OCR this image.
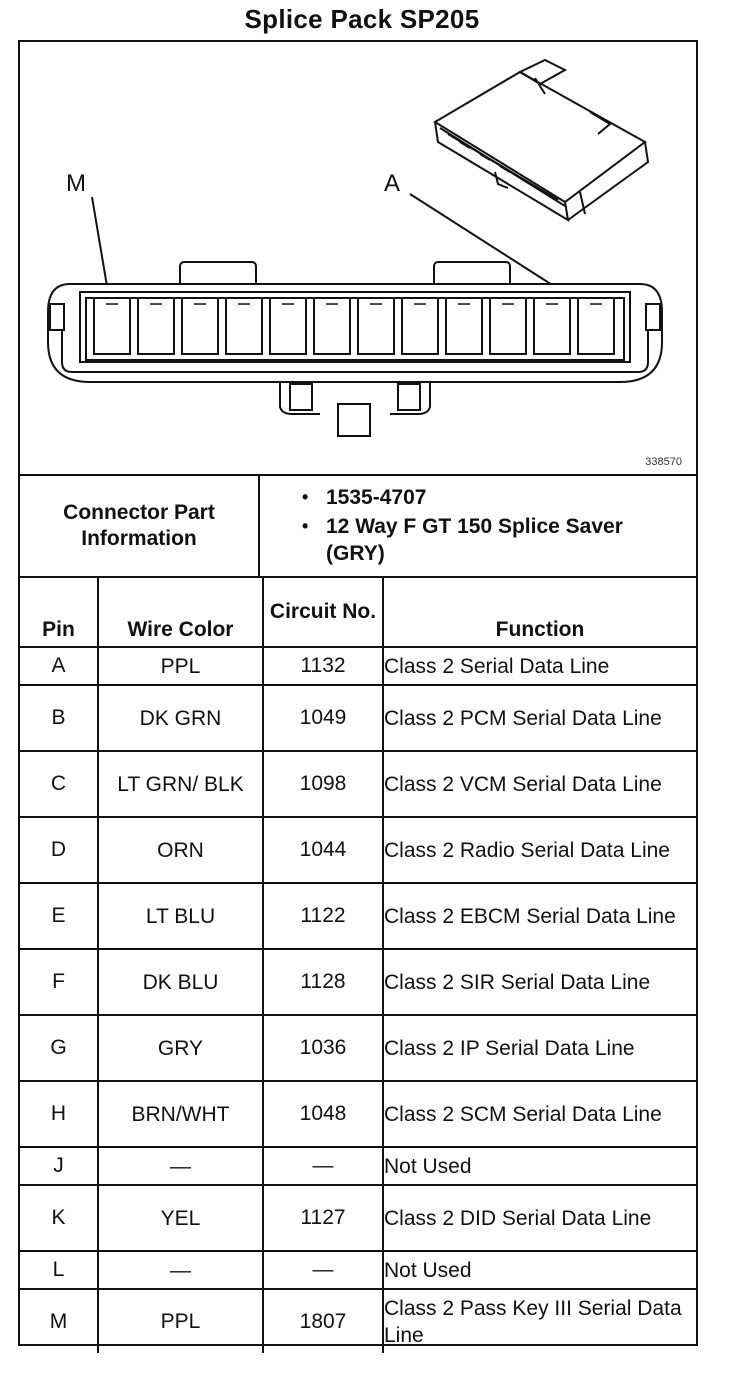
Splice Pack SP205
M	A
338570
Connector Part Information
• 1535-4707
• 12 Way F GT 150 Splice Saver (GRY)
Pin	Wire Color	Circuit No.	Function
A	PPL	1132	Class 2 Serial Data Line
B	DK GRN	1049	Class 2 PCM Serial Data Line
C	LT GRN/ BLK	1098	Class 2 VCM Serial Data Line
D	ORN	1044	Class 2 Radio Serial Data Line
E	LT BLU	1122	Class 2 EBCM Serial Data Line
F	DK BLU	1128	Class 2 SIR Serial Data Line
G	GRY	1036	Class 2 IP Serial Data Line
H	BRN/WHT	1048	Class 2 SCM Serial Data Line
J	—	—	Not Used
K	YEL	1127	Class 2 DID Serial Data Line
L	—	—	Not Used
M	PPL	1807	Class 2 Pass Key III Serial Data Line
